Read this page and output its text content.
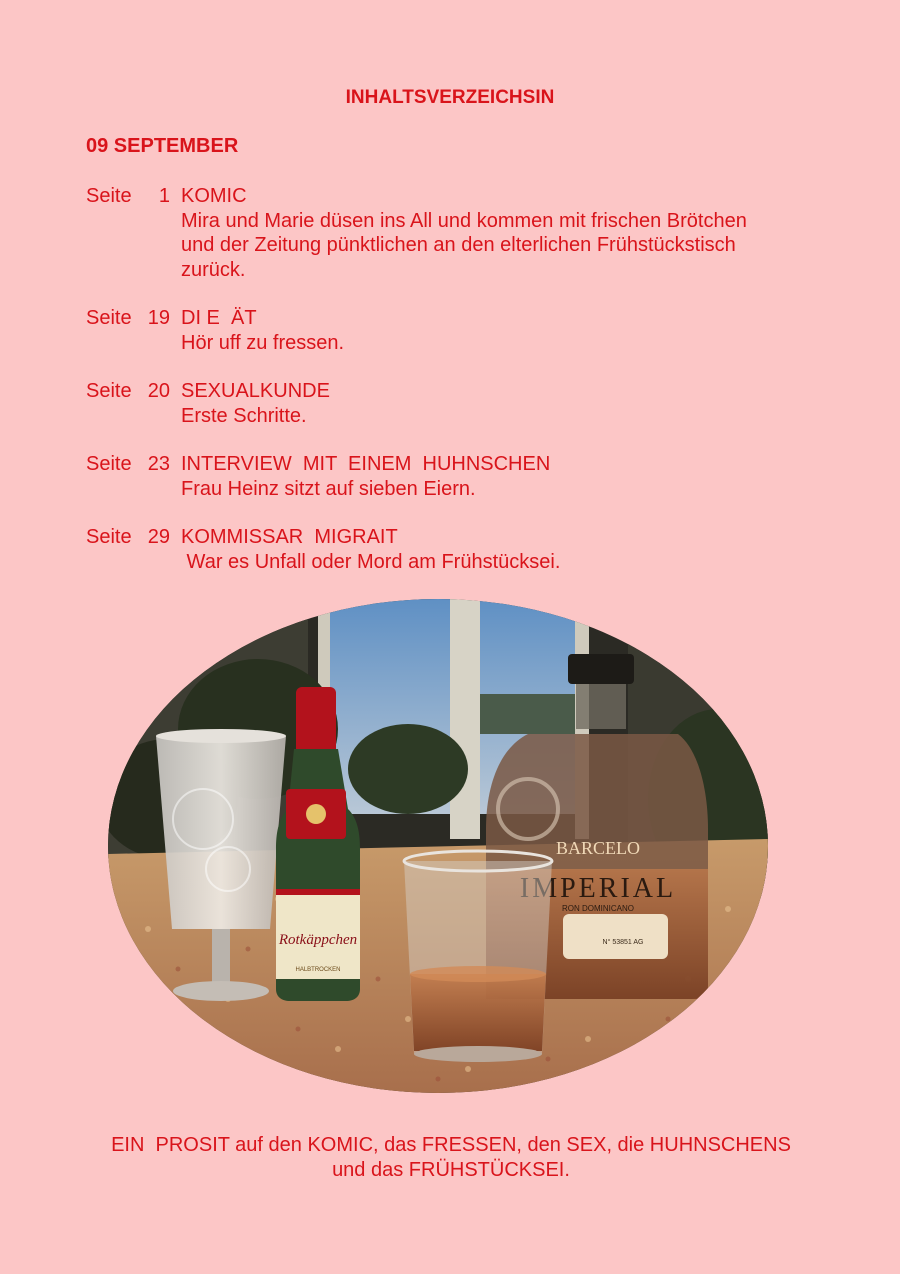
INHALTSVERZEICHSIN
09 SEPTEMBER
Seite	1 KOMIC
Mira und Marie düsen ins All und kommen mit frischen Brötchen
und der Zeitung pünktlichen an den elterlichen Frühstückstisch
zurück.
Seite 19 DI E  ÄT
Hör uff zu fressen.
Seite 20 SEXUALKUNDE
Erste Schritte.
Seite 23 INTERVIEW  MIT  EINEM  HUHNSCHEN
Frau Heinz sitzt auf sieben Eiern.
Seite 29 KOMMISSAR  MIGRAIT
War es Unfall oder Mord am Frühstücksei.
Rotkäppchen
HALBTROCKEN
BARCELO
IMPERIAL
RON DOMINICANO
N° 53851 AG
EIN  PROSIT auf den KOMIC, das FRESSEN, den SEX, die HUHNSCHENS
und das FRÜHSTÜCKSEI.
